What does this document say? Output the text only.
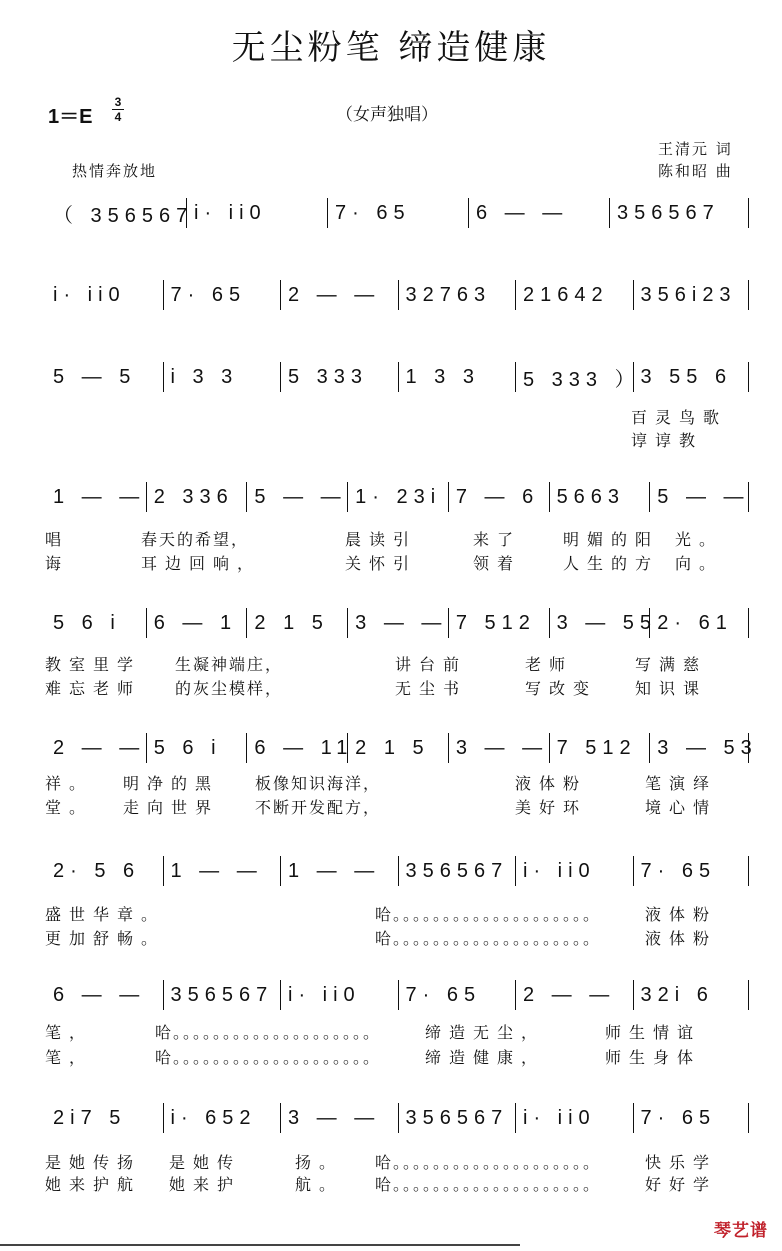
无尘粉笔 缔造健康
1＝E
3
4	（女声独唱）
王清元 词
陈和昭 曲
热情奔放地
（ 356567 i· ii0	7· 65	6 — —	356567
i· ii0	7· 65	2 — —	32763	21642	356i23
5 — 5	i 3 3	5 333	1 3 3	5 333 ） 3 55 6
百灵鸟歌
谆谆教
1 — — 2 336	5 — — 1· 23i 7 — 6 5663	5 — —
唱	春天的希望，	晨读引	来了	明媚的阳 光。
诲	耳边回响，	关怀引	领着	人生的方 向。
5 6 i	6 — 1 2 1 5	3 — — 7 512	3 — 55 2· 61
教室里学 生凝神端庄，	讲台前	老师	写满慈
难忘老师 的灰尘模样，	无尘书	写改变 知识课
2 — — 5 6 i	6 — 11 2 1 5	3 — — 7 512	3 — 53
祥。 明净的黑 板像知识海洋，	液体粉	笔演绎
堂。 走向世界 不断开发配方，	美好环	境心情
2· 5 6	1 — —	1 — —	356567 i· ii0	7· 65
盛世华章。	哈。。。。。。。。。。。。。。。。。。。。	液体粉
更加舒畅。	哈。。。。。。。。。。。。。。。。。。。。	液体粉
6 — —	356567 i· ii0	7· 65	2 — —	32i 6
笔，	哈。。。。。。。。。。。。。。。。。。。。	缔造无尘，	师生情谊
笔，	哈。。。。。。。。。。。。。。。。。。。。	缔造健康，	师生身体
2i7 5	i· 652	3 — —	356567 i· ii0	7· 65
是她传扬 是她传	扬。 哈。。。。。。。。。。。。。。。。。。。。	快乐学
她来护航 她来护	航。 哈。。。。。。。。。。。。。。。。。。。。	好好学
琴艺谱
